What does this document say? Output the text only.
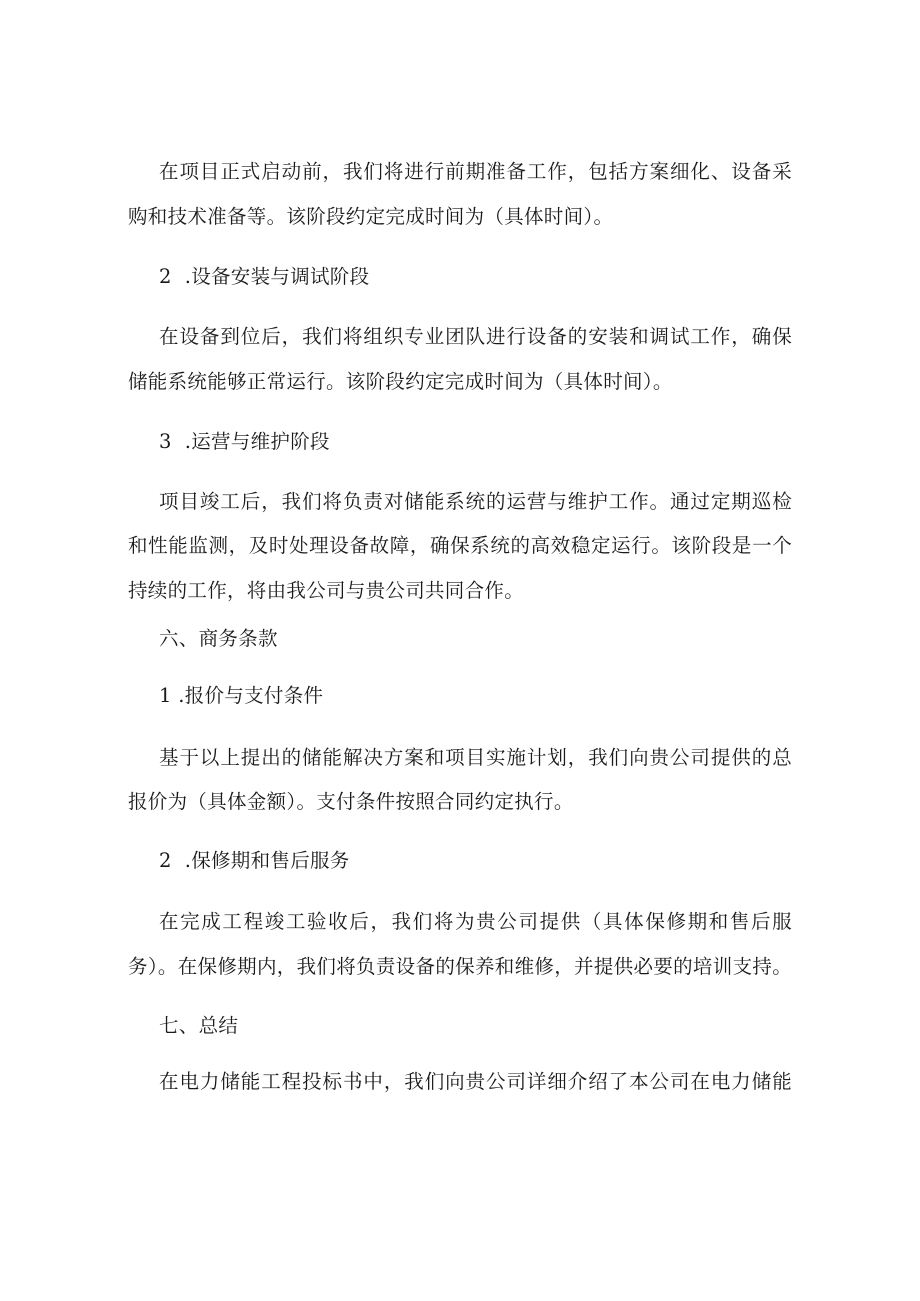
在项目正式启动前，我们将进行前期准备工作，包括方案细化、设备采
购和技术准备等。该阶段约定完成时间为（具体时间）。
2  .设备安装与调试阶段
在设备到位后，我们将组织专业团队进行设备的安装和调试工作，确保
储能系统能够正常运行。该阶段约定完成时间为（具体时间）。
3  .运营与维护阶段
项目竣工后，我们将负责对储能系统的运营与维护工作。通过定期巡检
和性能监测，及时处理设备故障，确保系统的高效稳定运行。该阶段是一个
持续的工作，将由我公司与贵公司共同合作。
六、商务条款
1 .报价与支付条件
基于以上提出的储能解决方案和项目实施计划，我们向贵公司提供的总
报价为（具体金额）。支付条件按照合同约定执行。
2  .保修期和售后服务
在完成工程竣工验收后，我们将为贵公司提供（具体保修期和售后服
务）。在保修期内，我们将负责设备的保养和维修，并提供必要的培训支持。
七、总结
在电力储能工程投标书中，我们向贵公司详细介绍了本公司在电力储能
